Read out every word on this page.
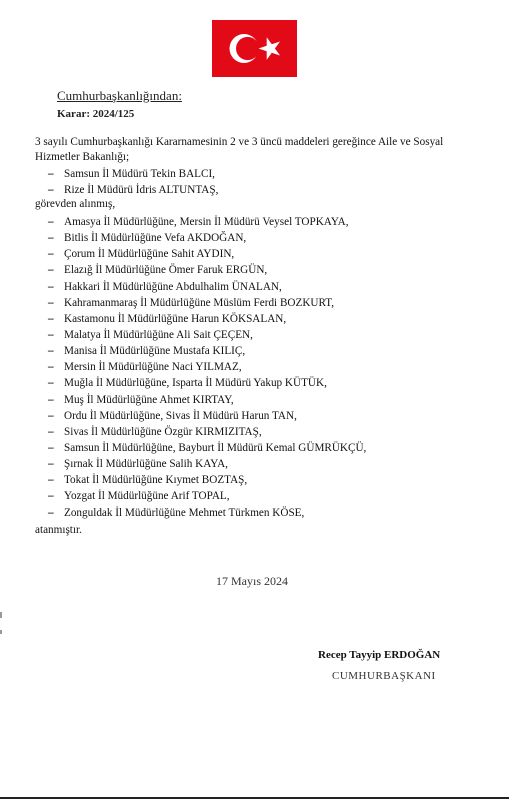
Cumhurbaşkanlığından:
Karar: 2024/125
3 sayılı Cumhurbaşkanlığı Kararnamesinin 2 ve 3 üncü maddeleri gereğince Aile ve Sosyal Hizmetler Bakanlığı;
– Samsun İl Müdürü Tekin BALCI,
– Rize İl Müdürü İdris ALTUNTAŞ,
görevden alınmış,
– Amasya İl Müdürlüğüne, Mersin İl Müdürü Veysel TOPKAYA,
– Bitlis İl Müdürlüğüne Vefa AKDOĞAN,
– Çorum İl Müdürlüğüne Sahit AYDIN,
– Elazığ İl Müdürlüğüne Ömer Faruk ERGÜN,
– Hakkari İl Müdürlüğüne Abdulhalim ÜNALAN,
– Kahramanmaraş İl Müdürlüğüne Müslüm Ferdi BOZKURT,
– Kastamonu İl Müdürlüğüne Harun KÖKSALAN,
– Malatya İl Müdürlüğüne Ali Sait ÇEÇEN,
– Manisa İl Müdürlüğüne Mustafa KILIÇ,
– Mersin İl Müdürlüğüne Naci YILMAZ,
– Muğla İl Müdürlüğüne, Isparta İl Müdürü Yakup KÜTÜK,
– Muş İl Müdürlüğüne Ahmet KIRTAY,
– Ordu İl Müdürlüğüne, Sivas İl Müdürü Harun TAN,
– Sivas İl Müdürlüğüne Özgür KIRMIZITAŞ,
– Samsun İl Müdürlüğüne, Bayburt İl Müdürü Kemal GÜMRÜKÇÜ,
– Şırnak İl Müdürlüğüne Salih KAYA,
– Tokat İl Müdürlüğüne Kıymet BOZTAŞ,
– Yozgat İl Müdürlüğüne Arif TOPAL,
– Zonguldak İl Müdürlüğüne Mehmet Türkmen KÖSE,
atanmıştır.
17 Mayıs 2024
Recep Tayyip ERDOĞAN
CUMHURBAŞKANI
